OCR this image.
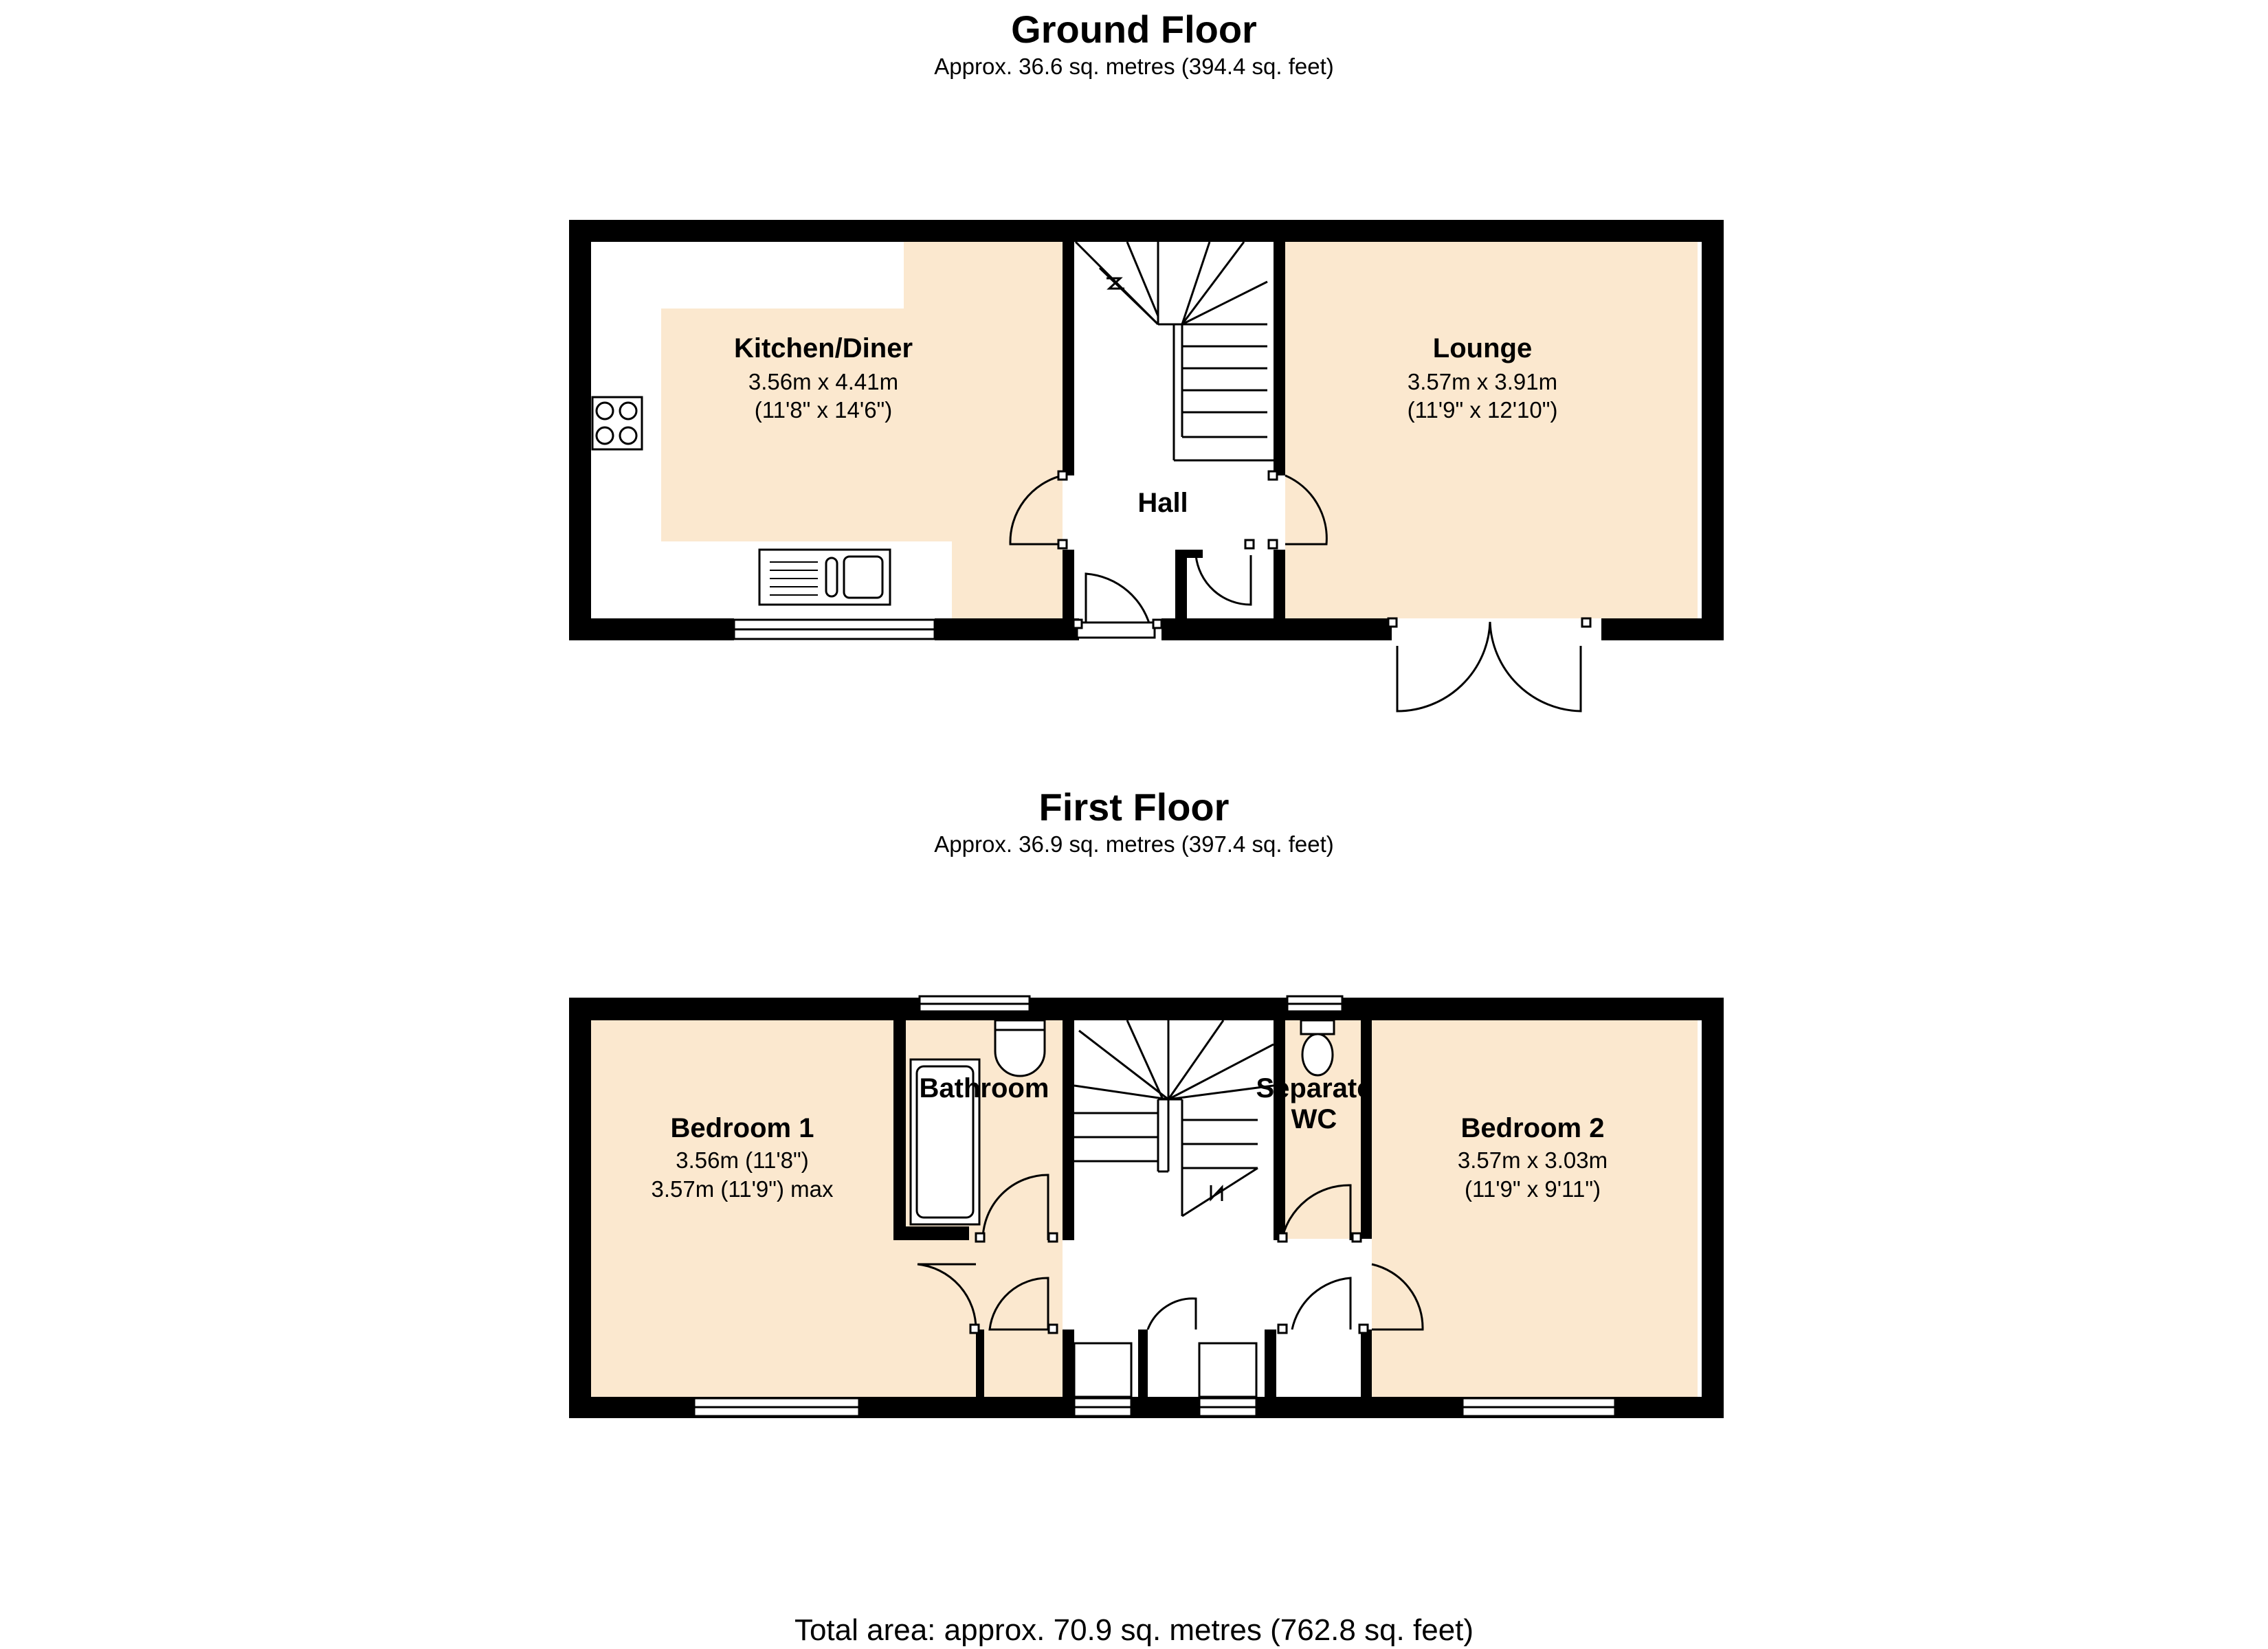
Ground Floor
Approx. 36.6 sq. metres (394.4 sq. feet)
First Floor
Approx. 36.9 sq. metres (397.4 sq. feet)
Kitchen/Diner
3.56m x 4.41m
(11'8" x 14'6")
Hall
Lounge
3.57m x 3.91m
(11'9" x 12'10")
Bedroom 1
3.56m (11'8")
3.57m (11'9") max
Bathroom	Separate
WC	Bedroom 2
3.57m x 3.03m
(11'9" x 9'11")
Total area: approx. 70.9 sq. metres (762.8 sq. feet)
